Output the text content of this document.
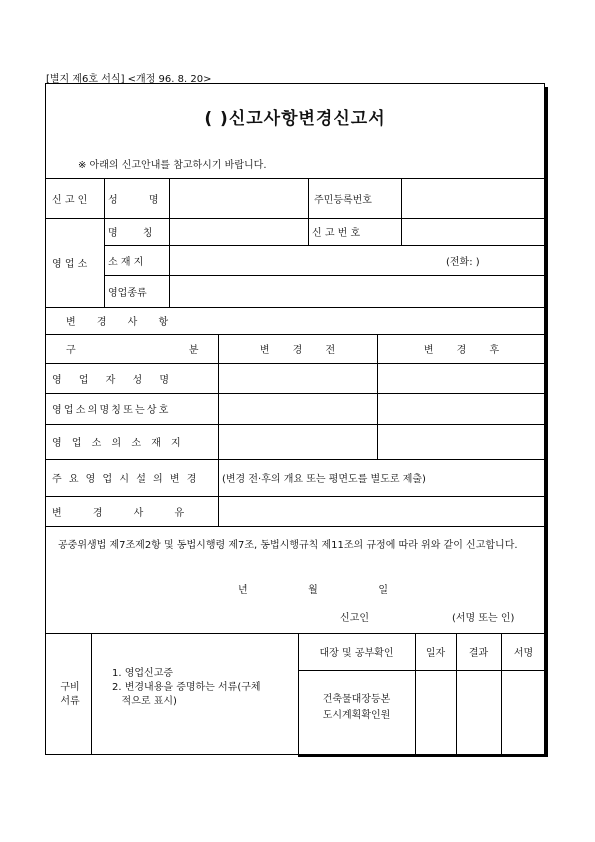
[별지 제6호 서식] <개정 96. 8. 20>
( )신고사항변경신고서
※ 아래의 신고안내를 참고하시기 바랍니다.
신 고 인 성 명	주민등록번호
영 업 소
명 칭	신 고 번 호
소 재 지	(전화: )
영업종류
변 경 사 항
구 분	변 경 전	변 경 후
영 업 자 성 명
영업소의명칭또는상호
영 업 소 의 소 재 지
주 요 영 업 시 설 의 변 경	(변경 전·후의 개요 또는 평면도를 별도로 제출)
변 경 사 유
공중위생법 제7조제2항 및 동법시행령 제7조, 동법시행규칙 제11조의 규정에 따라 위와 같이 신고합니다.
년	월	일
신고인	(서명 또는 인)
구비
서류
1. 영업신고증
2. 변경내용을 증명하는 서류(구체
적으로 표시)
대장 및 공부확인	일자	결과	서명
건축물대장등본
도시계획확인원
